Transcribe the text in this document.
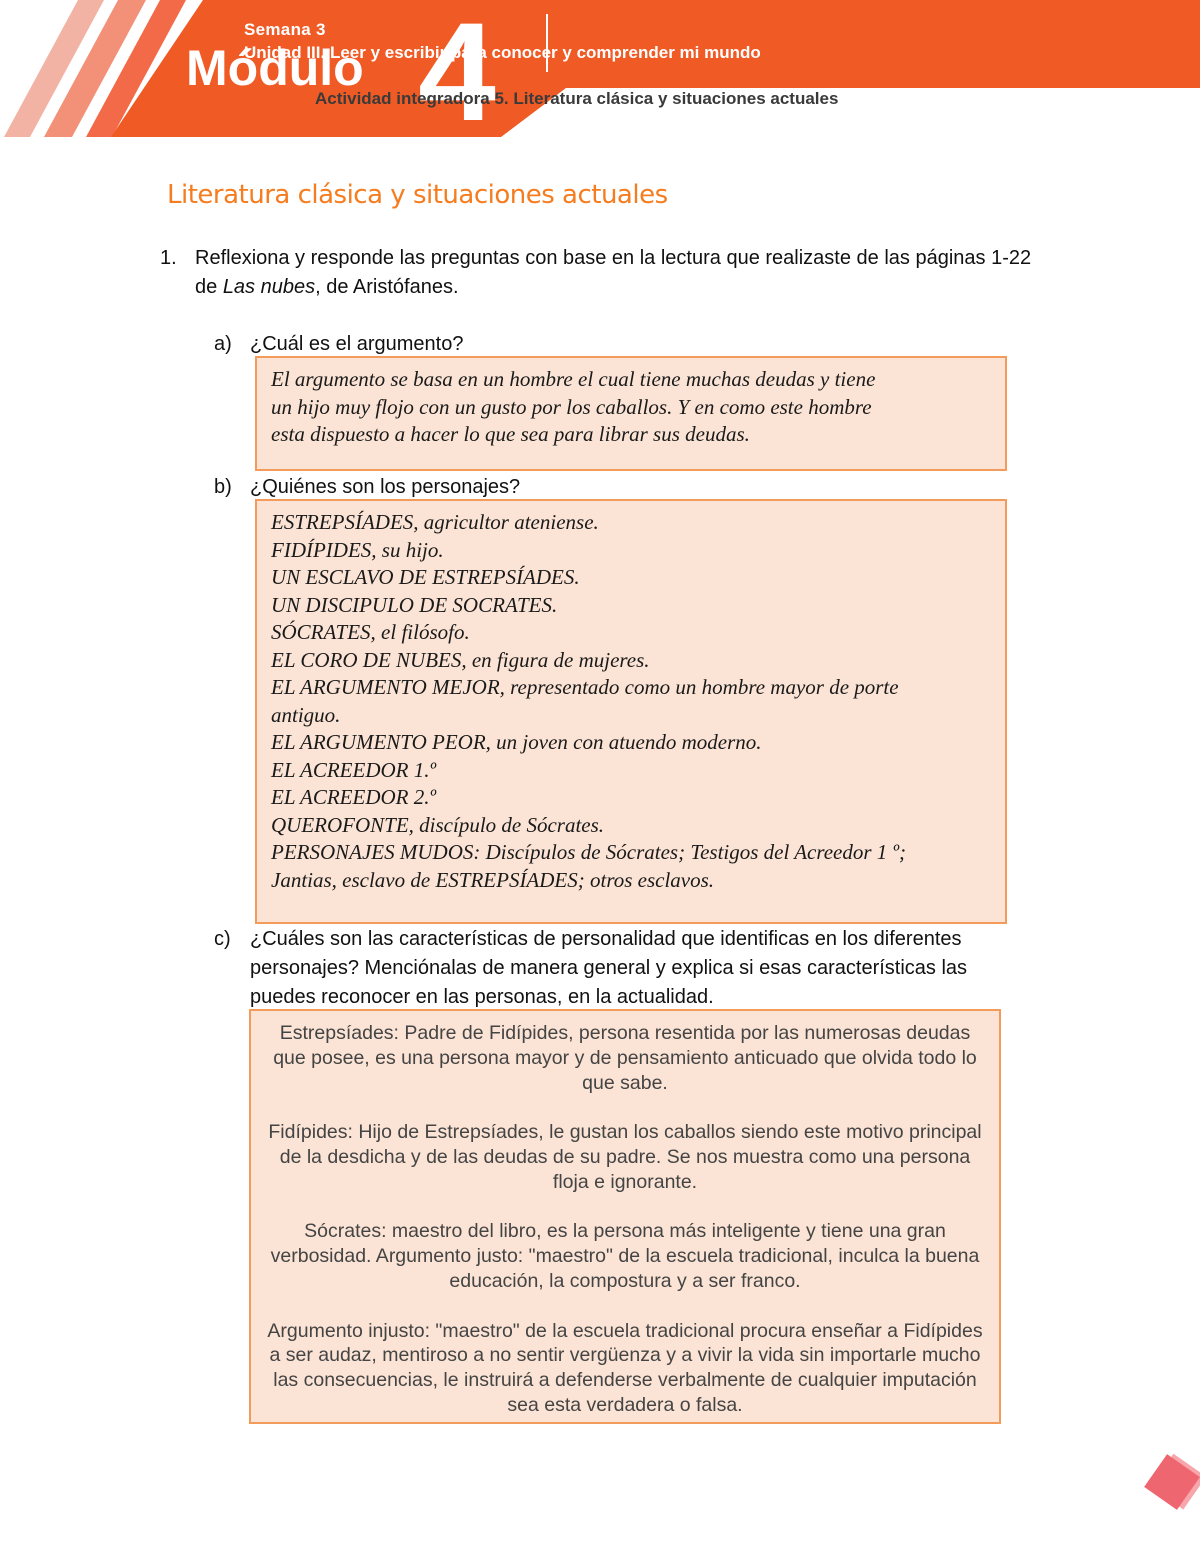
Semana 3
Módulo 4
Unidad III. Leer y escribir para conocer y comprender mi mundo
Actividad integradora 5. Literatura clásica y situaciones actuales
Literatura clásica y situaciones actuales
1. Reflexiona y responde las preguntas con base en la lectura que realizaste de las páginas 1-22 de Las nubes, de Aristófanes.
a) ¿Cuál es el argumento?
El argumento se basa en un hombre el cual tiene muchas deudas y tiene
un hijo muy flojo con un gusto por los caballos. Y en como este hombre
esta dispuesto a hacer lo que sea para librar sus deudas.
b) ¿Quiénes son los personajes?
ESTREPSÍADES, agricultor ateniense.
FIDÍPIDES, su hijo.
UN ESCLAVO DE ESTREPSÍADES.
UN DISCIPULO DE SOCRATES.
SÓCRATES, el filósofo.
EL CORO DE NUBES, en figura de mujeres.
EL ARGUMENTO MEJOR, representado como un hombre mayor de porte
antiguo.
EL ARGUMENTO PEOR, un joven con atuendo moderno.
EL ACREEDOR 1.º
EL ACREEDOR 2.º
QUEROFONTE, discípulo de Sócrates.
PERSONAJES MUDOS: Discípulos de Sócrates; Testigos del Acreedor 1 º;
Jantias, esclavo de ESTREPSÍADES; otros esclavos.
c) ¿Cuáles son las características de personalidad que identificas en los diferentes personajes? Menciónalas de manera general y explica si esas características las puedes reconocer en las personas, en la actualidad.

Estrepsíades: Padre de Fidípides, persona resentida por las numerosas deudas que posee, es una persona mayor y de pensamiento anticuado que olvida todo lo que sabe.

Fidípides: Hijo de Estrepsíades, le gustan los caballos siendo este motivo principal de la desdicha y de las deudas de su padre. Se nos muestra como una persona floja e ignorante.

Sócrates: maestro del libro, es la persona más inteligente y tiene una gran verbosidad. Argumento justo: "maestro" de la escuela tradicional, inculca la buena educación, la compostura y a ser franco.

Argumento injusto: "maestro" de la escuela tradicional procura enseñar a Fidípides a ser audaz, mentiroso a no sentir vergüenza y a vivir la vida sin importarle mucho las consecuencias, le instruirá a defenderse verbalmente de cualquier imputación sea esta verdadera o falsa.
